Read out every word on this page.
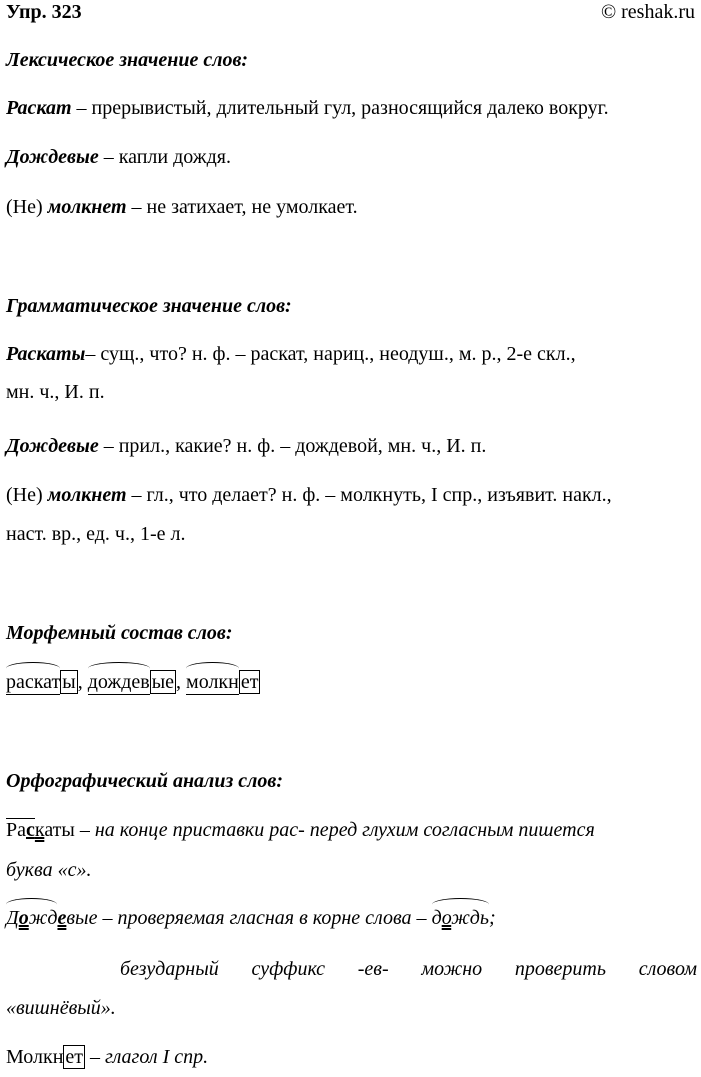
Упр. 323	© reshak.ru
Лексическое значение слов:
Раскат – прерывистый, длительный гул, разносящийся далеко вокруг.
Дождевые – капли дождя.
(Не) молкнет – не затихает, не умолкает.
Грамматическое значение слов:
Раскаты– сущ., что? н. ф. – раскат, нариц., неодуш., м. р., 2-е скл.,
мн. ч., И. п.
Дождевые – прил., какие? н. ф. – дождевой, мн. ч., И. п.
(Не) молкнет – гл., что делает? н. ф. – молкнуть, I спр., изъявит. накл.,
наст. вр., ед. ч., 1-е л.
Морфемный состав слов:
раскат ы , дождев ые , молкн ет
Орфографический анализ слов:
Раскаты – на конце приставки рас- перед глухим согласным пишется
буква «с».
Дождевые – проверяемая гласная в корне слова – дождь;
безударный суффикс -ев- можно проверить словом
«вишнёвый».
Молкн ет – глагол I спр.
